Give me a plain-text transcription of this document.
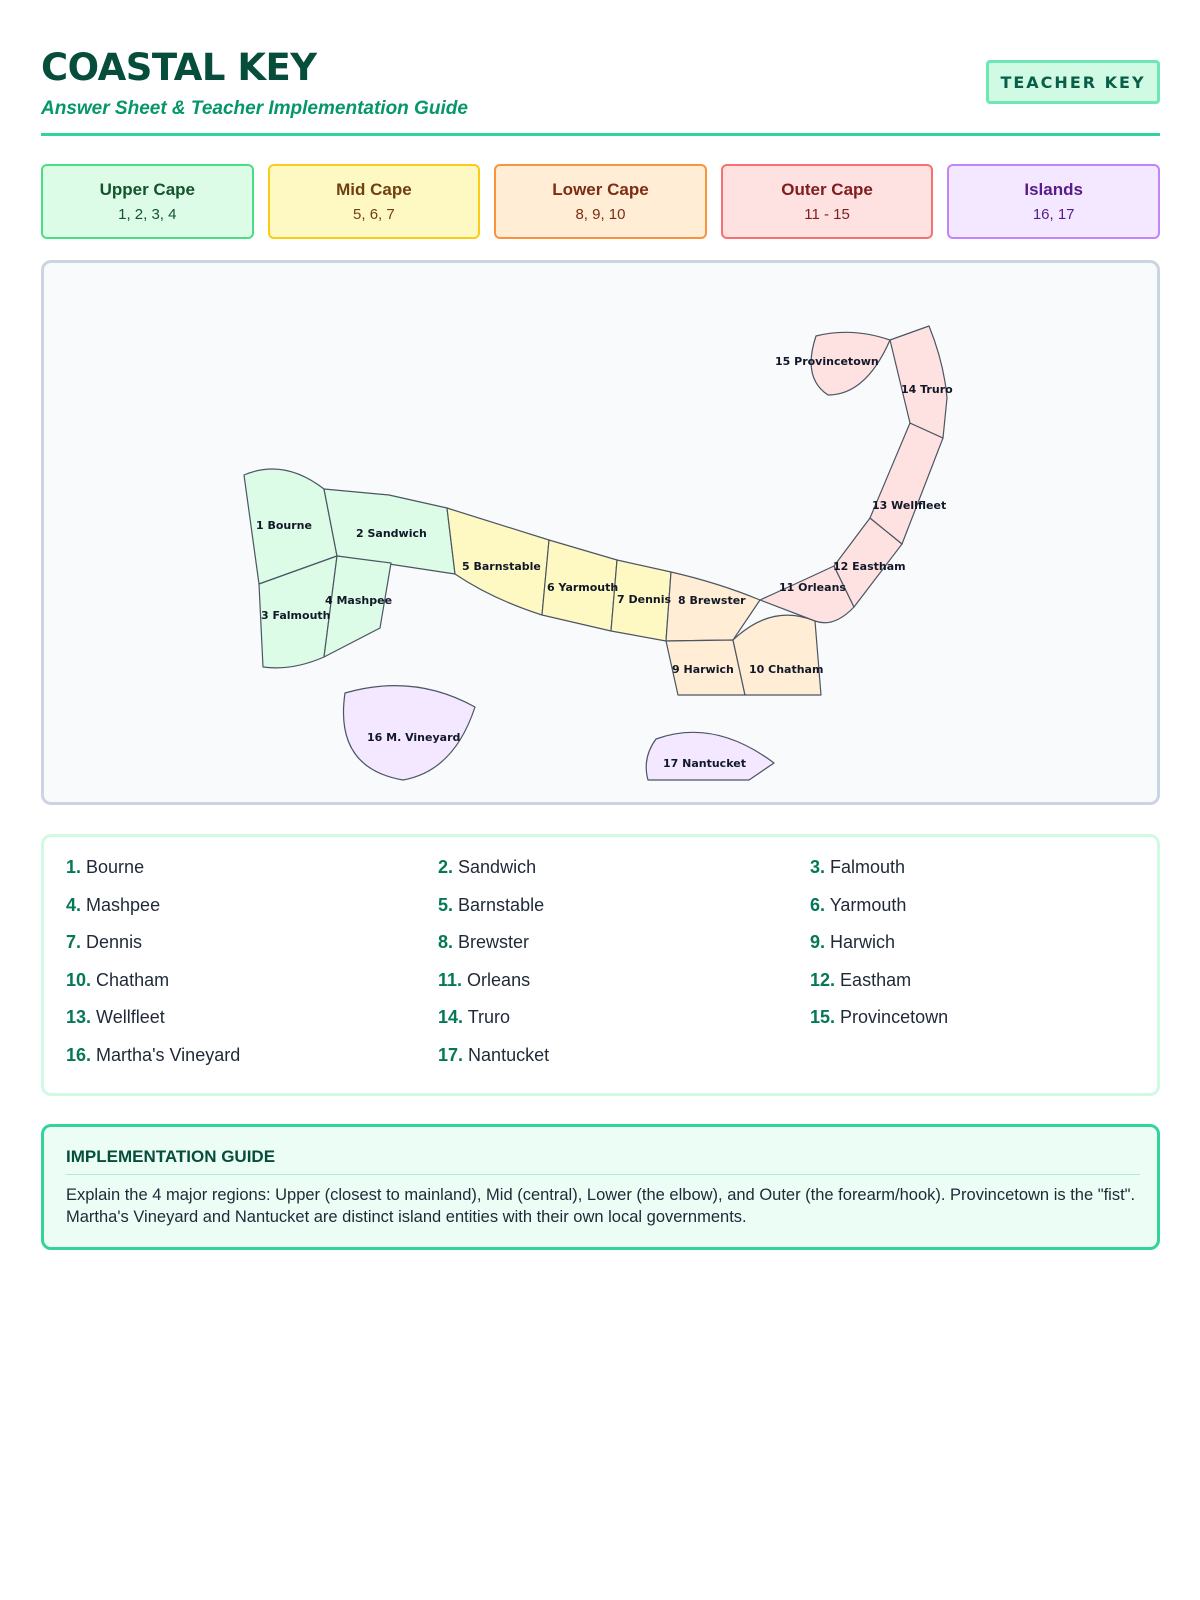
COASTAL KEY
Answer Sheet & Teacher Implementation Guide
TEACHER KEY
Upper Cape
1, 2, 3, 4
Mid Cape
5, 6, 7
Lower Cape
8, 9, 10
Outer Cape
11 - 15
Islands
16, 17
1 Bourne
2 Sandwich
3 Falmouth
4 Mashpee
5 Barnstable
6 Yarmouth
7 Dennis 8 Brewster
9 Harwich 10 Chatham
11 Orleans
12 Eastham
13 Wellfleet
14 Truro
15 Provincetown
16 M. Vineyard
17 Nantucket
1. Bourne	2. Sandwich	3. Falmouth
4. Mashpee	5. Barnstable	6. Yarmouth
7. Dennis	8. Brewster	9. Harwich
10. Chatham	11. Orleans	12. Eastham
13. Wellfleet	14. Truro	15. Provincetown
16. Martha's Vineyard	17. Nantucket
IMPLEMENTATION GUIDE
Explain the 4 major regions: Upper (closest to mainland), Mid (central), Lower (the elbow), and Outer (the forearm/hook). Provincetown is the "fist". Martha's Vineyard and Nantucket are distinct island entities with their own local governments.
